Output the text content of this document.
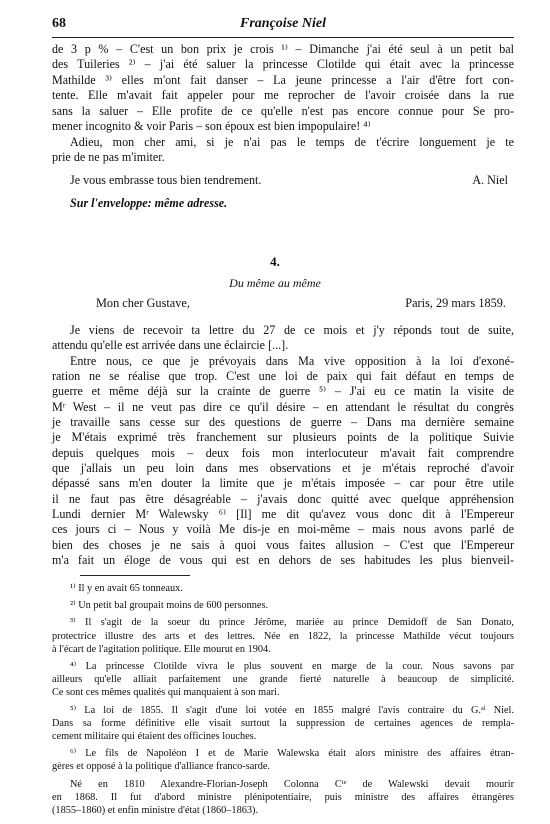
68	Françoise Niel
de 3 p % – C'est un bon prix je crois ¹⁾ – Dimanche j'ai été seul à un petit bal
des Tuileries ²⁾ – j'ai été saluer la princesse Clotilde qui était avec la princesse
Mathilde ³⁾ elles m'ont fait danser – La jeune princesse a l'air d'être fort con-
tente. Elle m'avait fait appeler pour me reprocher de l'avoir croisée dans la rue
sans la saluer – Elle profite de ce qu'elle n'est pas encore connue pour Se pro-
mener incognito & voir Paris – son époux est bien impopulaire! ⁴⁾
Adieu, mon cher ami, si je n'ai pas le temps de t'écrire longuement je te
prie de ne pas m'imiter.
Je vous embrasse tous bien tendrement.	A. Niel
Sur l'enveloppe: même adresse.
4.
Du même au même
Mon cher Gustave,	Paris, 29 mars 1859.
Je viens de recevoir ta lettre du 27 de ce mois et j'y réponds tout de suite,
attendu qu'elle est arrivée dans une éclaircie [...].
Entre nous, ce que je prévoyais dans Ma vive opposition à la loi d'exoné-
ration ne se réalise que trop. C'est une loi de paix qui fait défaut en temps de
guerre et même déjà sur la crainte de guerre ⁵⁾ – J'ai eu ce matin la visite de
Mʳ West – il ne veut pas dire ce qu'il désire – en attendant le résultat du congrès
je travaille sans cesse sur des questions de guerre – Dans ma dernière semaine
je M'étais exprimé très franchement sur plusieurs points de la politique Suivie
depuis quelques mois – deux fois mon interlocuteur m'avait fait comprendre
que j'allais un peu loin dans mes observations et je m'étais reproché d'avoir
dépassé sans m'en douter la limite que je m'étais imposée – car pour être utile
il ne faut pas être désagréable – j'avais donc quitté avec quelque appréhension
Lundi dernier Mʳ Walewsky ⁶⁾ [Il] me dit qu'avez vous donc dit à l'Empereur
ces jours ci – Nous y voilà Me dis-je en moi-même – mais nous avons parlé de
bien des choses je ne sais à quoi vous faites allusion – C'est que l'Empereur
m'a fait un éloge de vous qui est en dehors de ses habitudes les plus bienveil-
¹⁾ Il y en avait 65 tonneaux.
²⁾ Un petit bal groupait moins de 600 personnes.
³⁾ Il s'agit de la soeur du prince Jérôme, mariée au prince Demidoff de San Donato,
protectrice illustre des arts et des lettres. Née en 1822, la princesse Mathilde vécut toujours
à l'écart de l'agitation politique. Elle mourut en 1904.
⁴⁾ La princesse Clotilde vivra le plus souvent en marge de la cour. Nous savons par
ailleurs qu'elle alliait parfaitement une grande fierté naturelle à beaucoup de simplicité.
Ce sont ces mêmes qualités qui manquaient à son mari.
⁵⁾ La loi de 1855. Il s'agit d'une loi votée en 1855 malgré l'avis contraire du G.ᵃˡ Niel.
Dans sa forme définitive elle visait surtout la suppression de certaines agences de rempla-
cement militaire qui étaient des officines louches.
⁶⁾ Le fils de Napoléon I et de Marie Walewska était alors ministre des affaires étran-
gères et opposé à la politique d'alliance franco-sarde.
Né en 1810 Alexandre-Florian-Joseph Colonna Cᵗᵉ de Walewski devait mourir
en 1868. Il fut d'abord ministre plénipotentiaire, puis ministre des affaires étrangères
(1855–1860) et enfin ministre d'état (1860–1863).
